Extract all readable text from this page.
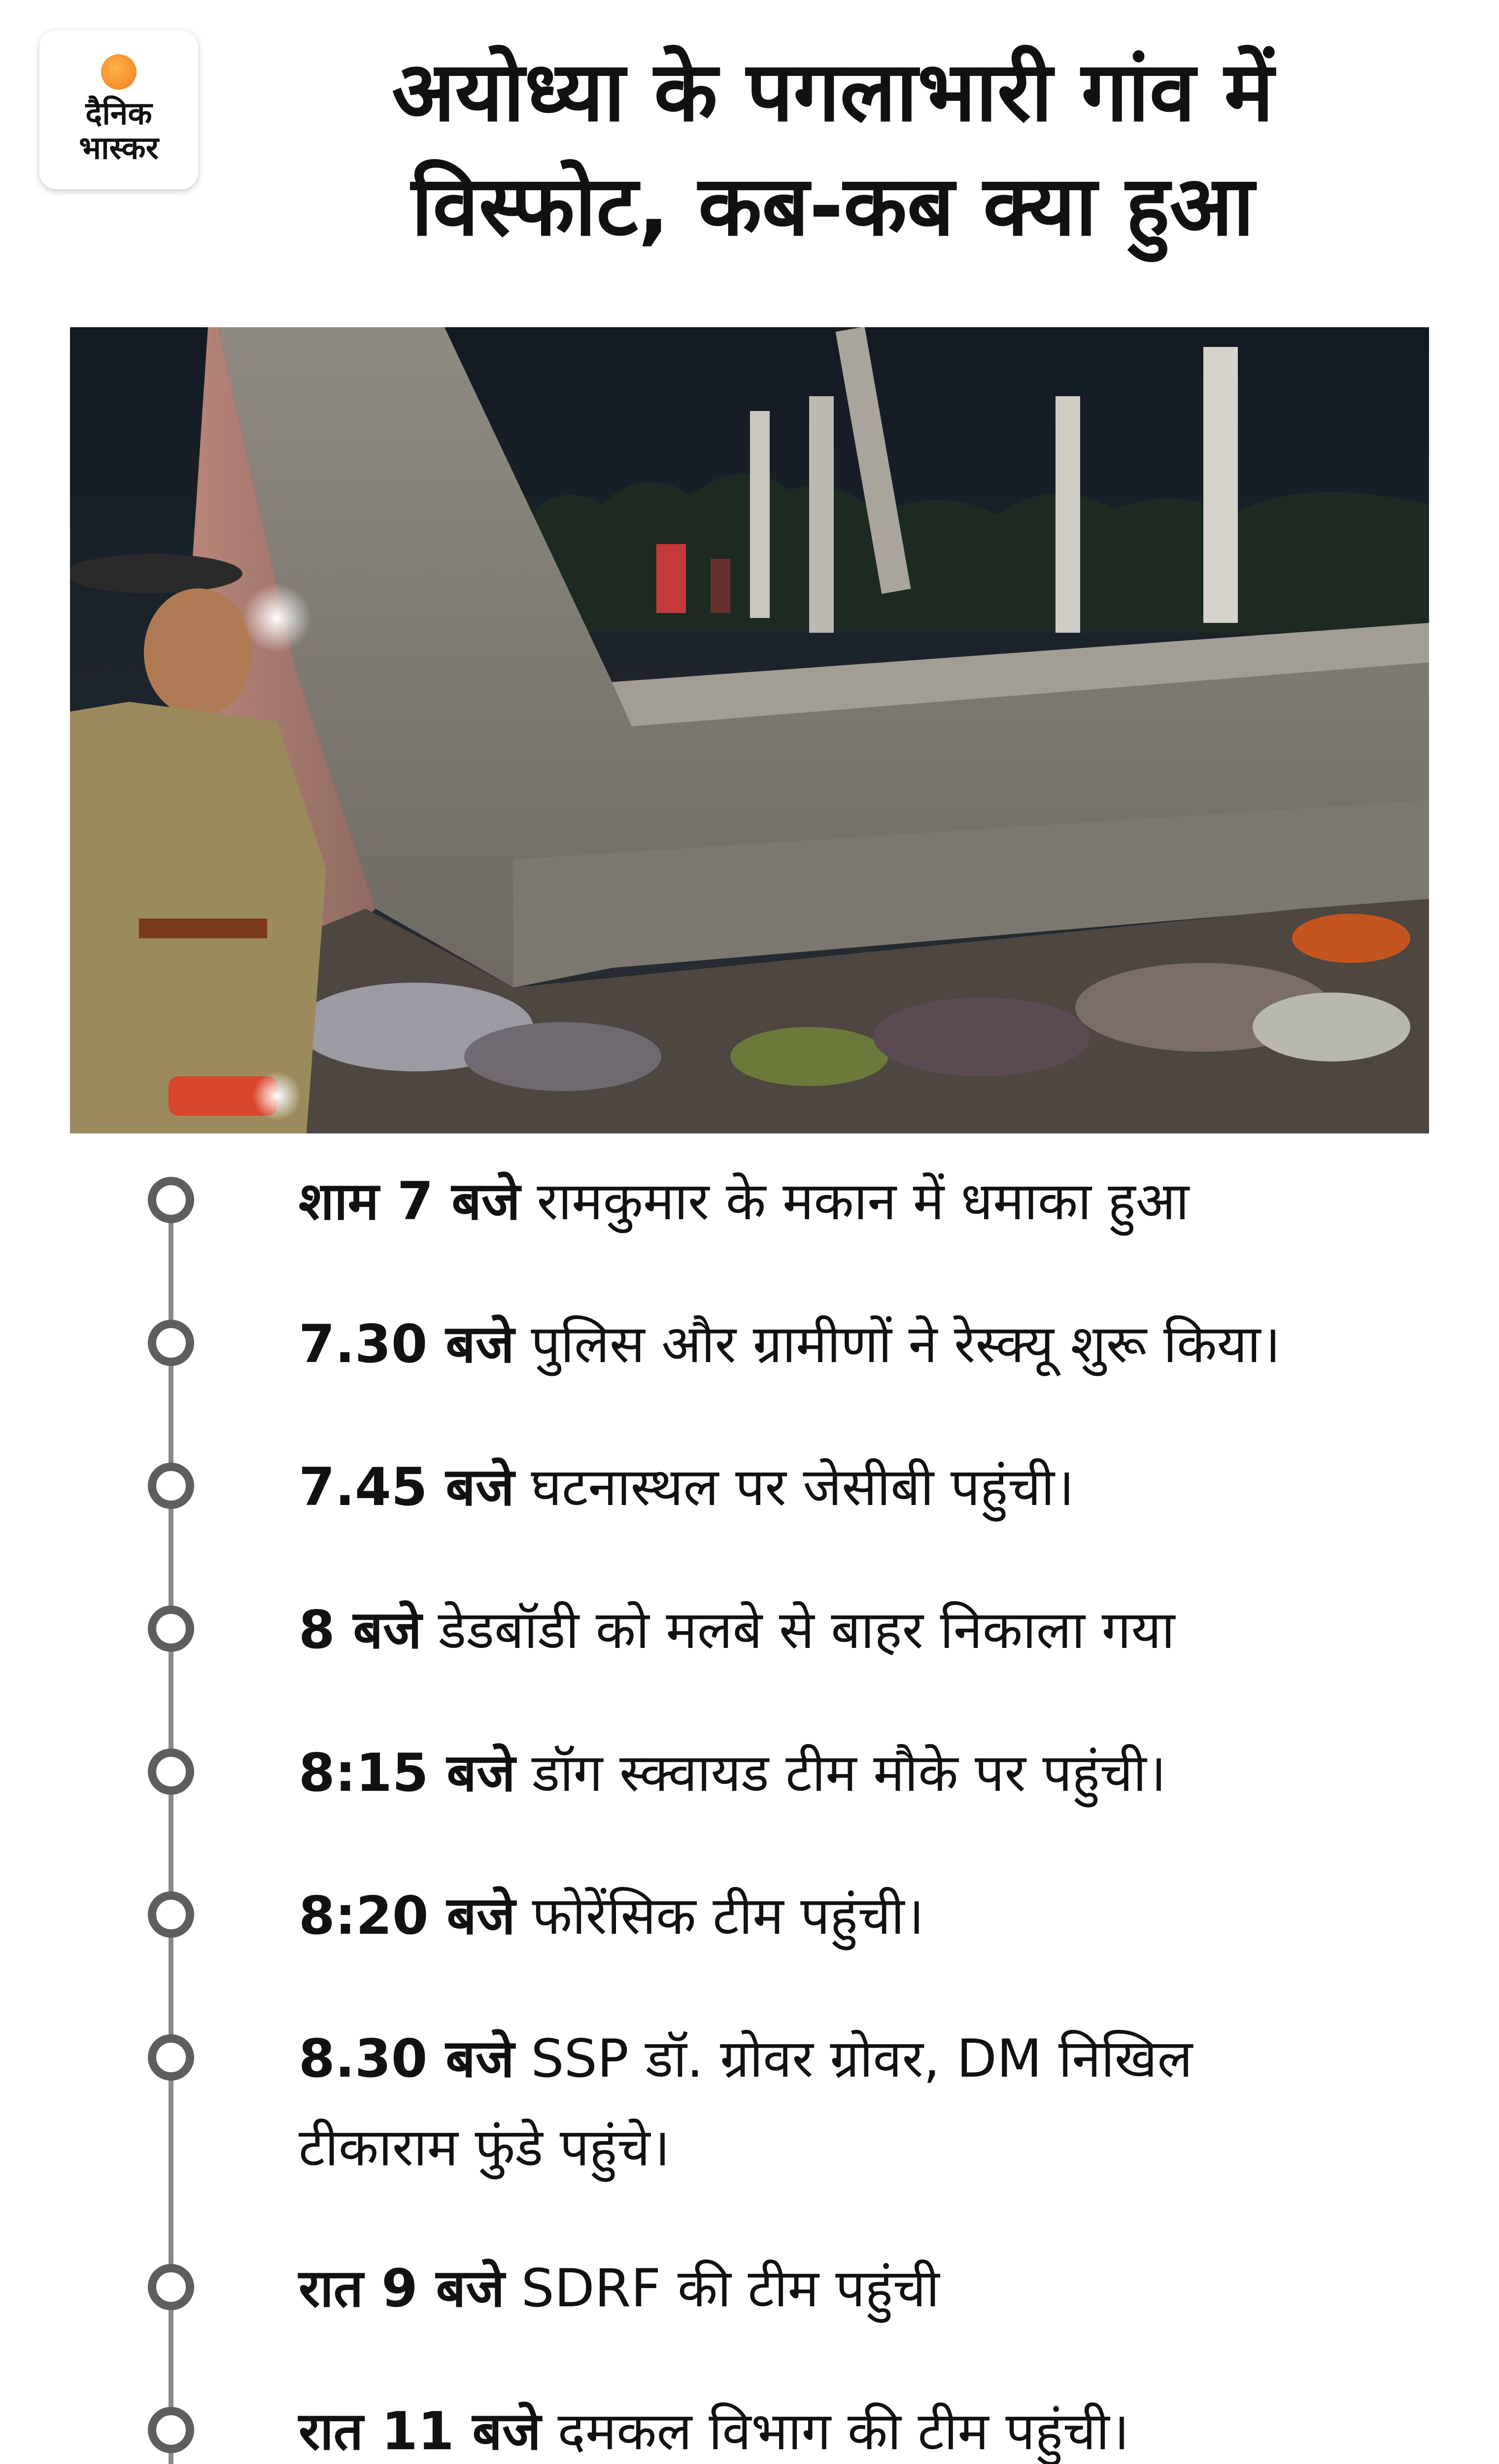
दैनिक
भास्कर
अयोध्या के पगलाभारी गांव में
विस्फोट, कब-कब क्या हुआ
शाम 7 बजे रामकुमार के मकान में धमाका हुआ
7.30 बजे पुलिस और ग्रामीणों ने रेस्क्यू शुरू किया।
7.45 बजे घटनास्थल पर जेसीबी पहुंची।
8 बजे डेडबॉडी को मलबे से बाहर निकाला गया
8:15 बजे डॉग स्क्वायड टीम मौके पर पहुंची।
8:20 बजे फोरेंसिक टीम पहुंची।
8.30 बजे SSP डॉ. ग्रोवर ग्रोवर, DM निखिल
टीकाराम फुंडे पहुंचे।
रात 9 बजे SDRF की टीम पहुंची
रात 11 बजे दमकल विभाग की टीम पहुंची।
